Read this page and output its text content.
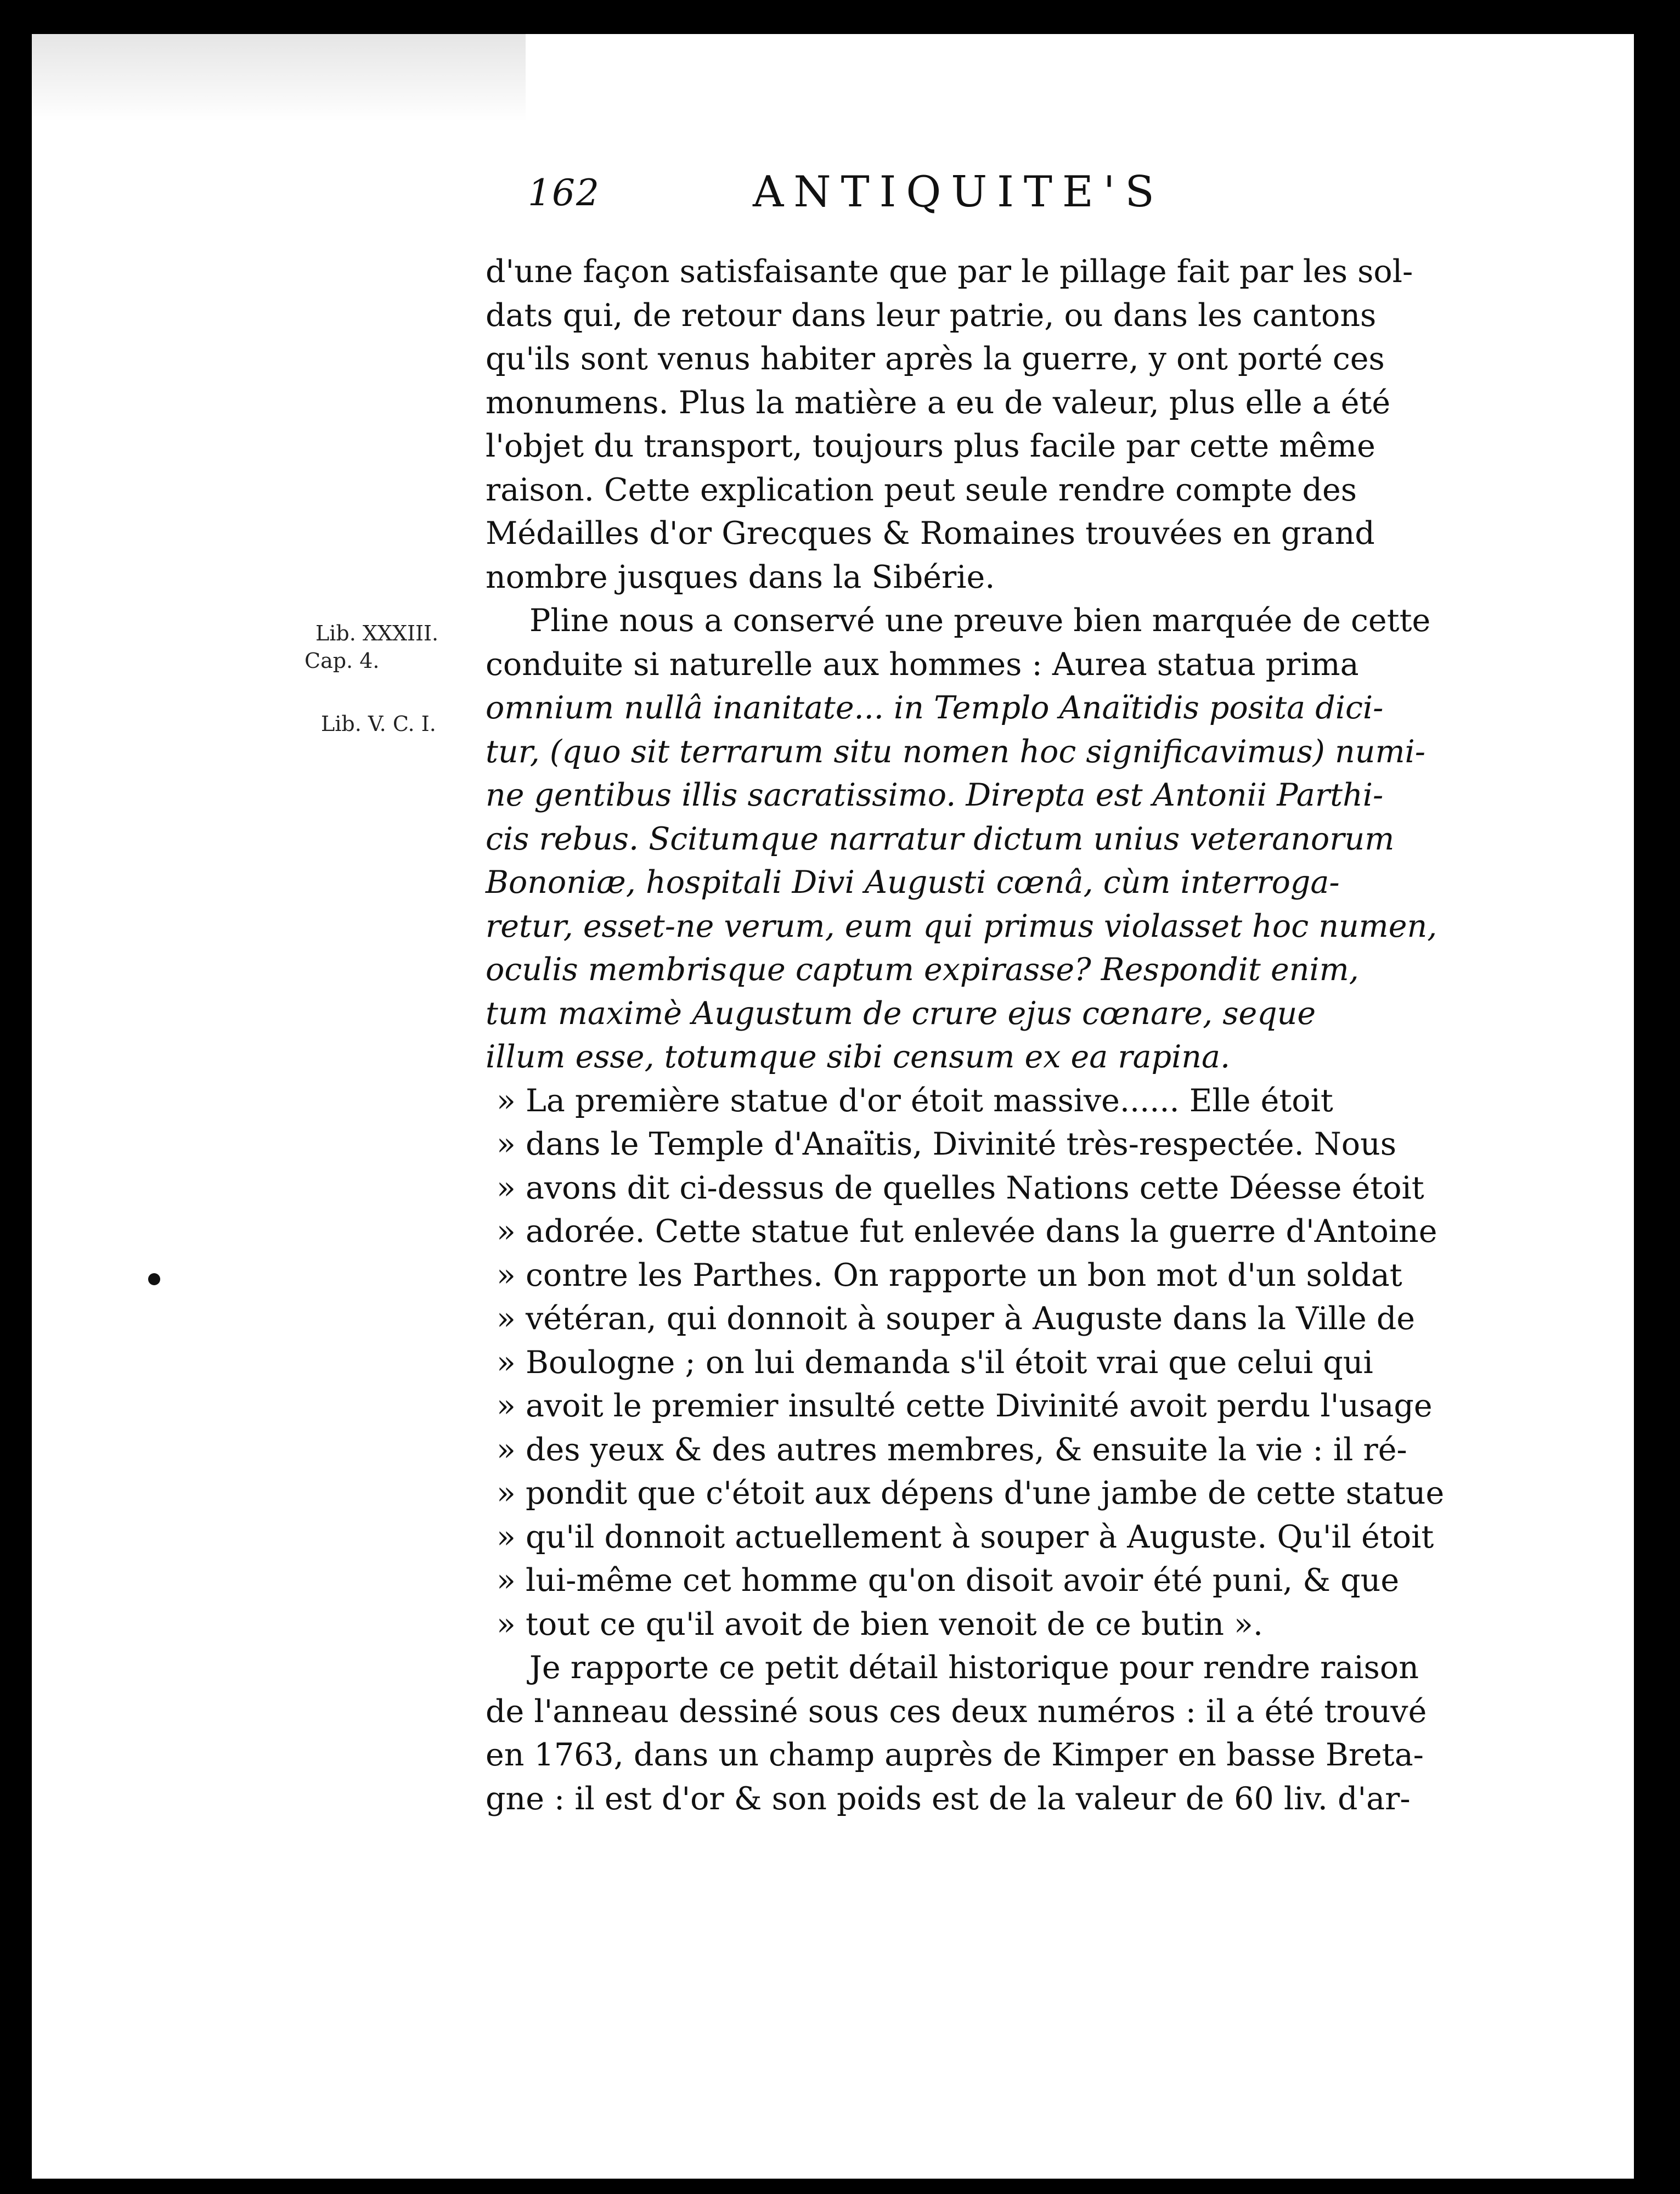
162	ANTIQUITE'S
Lib. XXXIII.
Cap. 4.
Lib. V. C. I.
d'une façon satisfaisante que par le pillage fait par les sol-
dats qui, de retour dans leur patrie, ou dans les cantons
qu'ils sont venus habiter après la guerre, y ont porté ces
monumens. Plus la matière a eu de valeur, plus elle a été
l'objet du transport, toujours plus facile par cette même
raison. Cette explication peut seule rendre compte des
Médailles d'or Grecques & Romaines trouvées en grand
nombre jusques dans la Sibérie.
Pline nous a conservé une preuve bien marquée de cette
conduite si naturelle aux hommes : Aurea statua prima
omnium nullâ inanitate... in Templo Anaïtidis posita dici-
tur, (quo sit terrarum situ nomen hoc significavimus) numi-
ne gentibus illis sacratissimo. Direpta est Antonii Parthi-
cis rebus. Scitumque narratur dictum unius veteranorum
Bononiæ, hospitali Divi Augusti cœnâ, cùm interroga-
retur, esset-ne verum, eum qui primus violasset hoc numen,
oculis membrisque captum expirasse? Respondit enim,
tum maximè Augustum de crure ejus cœnare, seque
illum esse, totumque sibi censum ex ea rapina.
» La première statue d'or étoit massive...... Elle étoit
» dans le Temple d'Anaïtis, Divinité très-respectée. Nous
» avons dit ci-dessus de quelles Nations cette Déesse étoit
» adorée. Cette statue fut enlevée dans la guerre d'Antoine
» contre les Parthes. On rapporte un bon mot d'un soldat
» vétéran, qui donnoit à souper à Auguste dans la Ville de
» Boulogne ; on lui demanda s'il étoit vrai que celui qui
» avoit le premier insulté cette Divinité avoit perdu l'usage
» des yeux & des autres membres, & ensuite la vie : il ré-
» pondit que c'étoit aux dépens d'une jambe de cette statue
» qu'il donnoit actuellement à souper à Auguste. Qu'il étoit
» lui-même cet homme qu'on disoit avoir été puni, & que
» tout ce qu'il avoit de bien venoit de ce butin ».
Je rapporte ce petit détail historique pour rendre raison
de l'anneau dessiné sous ces deux numéros : il a été trouvé
en 1763, dans un champ auprès de Kimper en basse Breta-
gne : il est d'or & son poids est de la valeur de 60 liv. d'ar-
